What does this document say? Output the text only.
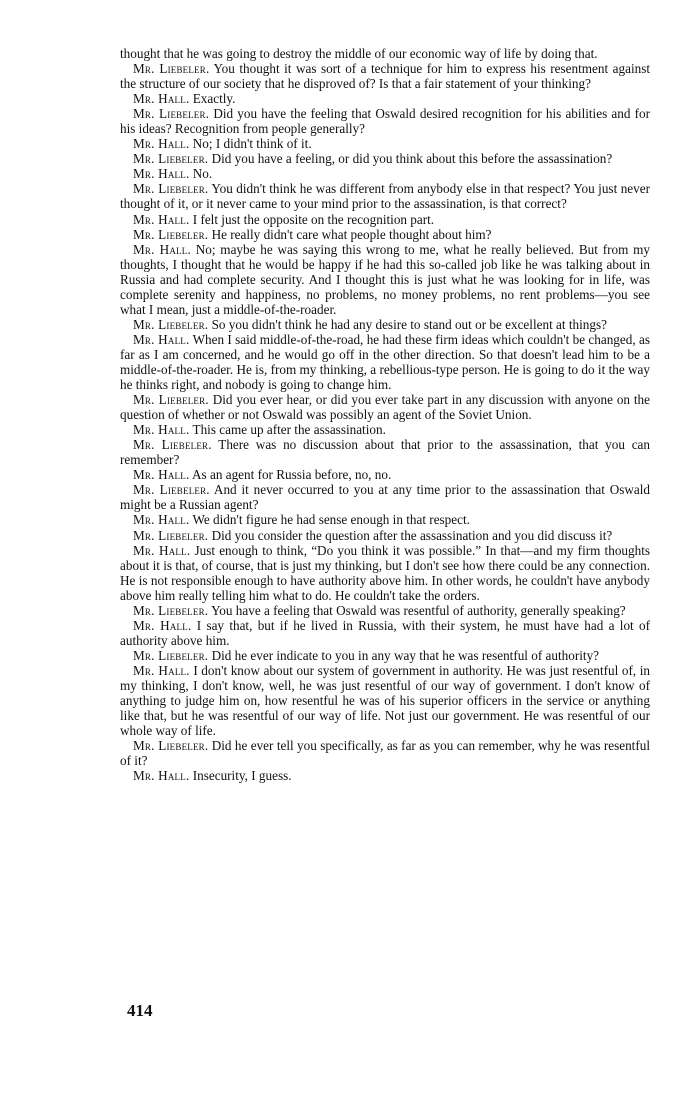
thought that he was going to destroy the middle of our economic way of life by doing that.

Mr. Liebeler. You thought it was sort of a technique for him to express his resentment against the structure of our society that he disproved of? Is that a fair statement of your thinking?

Mr. Hall. Exactly.

Mr. Liebeler. Did you have the feeling that Oswald desired recognition for his abilities and for his ideas? Recognition from people generally?

Mr. Hall. No; I didn't think of it.

Mr. Liebeler. Did you have a feeling, or did you think about this before the assassination?

Mr. Hall. No.

Mr. Liebeler. You didn't think he was different from anybody else in that respect? You just never thought of it, or it never came to your mind prior to the assassination, is that correct?

Mr. Hall. I felt just the opposite on the recognition part.

Mr. Liebeler. He really didn't care what people thought about him?

Mr. Hall. No; maybe he was saying this wrong to me, what he really believed. But from my thoughts, I thought that he would be happy if he had this so-called job like he was talking about in Russia and had complete security. And I thought this is just what he was looking for in life, was complete serenity and happiness, no problems, no money problems, no rent problems—you see what I mean, just a middle-of-the-roader.

Mr. Liebeler. So you didn't think he had any desire to stand out or be excellent at things?

Mr. Hall. When I said middle-of-the-road, he had these firm ideas which couldn't be changed, as far as I am concerned, and he would go off in the other direction. So that doesn't lead him to be a middle-of-the-roader. He is, from my thinking, a rebellious-type person. He is going to do it the way he thinks right, and nobody is going to change him.

Mr. Liebeler. Did you ever hear, or did you ever take part in any discussion with anyone on the question of whether or not Oswald was possibly an agent of the Soviet Union.

Mr. Hall. This came up after the assassination.

Mr. Liebeler. There was no discussion about that prior to the assassination, that you can remember?

Mr. Hall. As an agent for Russia before, no, no.

Mr. Liebeler. And it never occurred to you at any time prior to the assassination that Oswald might be a Russian agent?

Mr. Hall. We didn't figure he had sense enough in that respect.

Mr. Liebeler. Did you consider the question after the assassination and you did discuss it?

Mr. Hall. Just enough to think, “Do you think it was possible.” In that—and my firm thoughts about it is that, of course, that is just my thinking, but I don't see how there could be any connection. He is not responsible enough to have authority above him. In other words, he couldn't have anybody above him really telling him what to do. He couldn't take the orders.

Mr. Liebeler. You have a feeling that Oswald was resentful of authority, generally speaking?

Mr. Hall. I say that, but if he lived in Russia, with their system, he must have had a lot of authority above him.

Mr. Liebeler. Did he ever indicate to you in any way that he was resentful of authority?

Mr. Hall. I don't know about our system of government in authority. He was just resentful of, in my thinking, I don't know, well, he was just resentful of our way of government. I don't know of anything to judge him on, how resentful he was of his superior officers in the service or anything like that, but he was resentful of our way of life. Not just our government. He was resentful of our whole way of life.

Mr. Liebeler. Did he ever tell you specifically, as far as you can remember, why he was resentful of it?

Mr. Hall. Insecurity, I guess.

414
